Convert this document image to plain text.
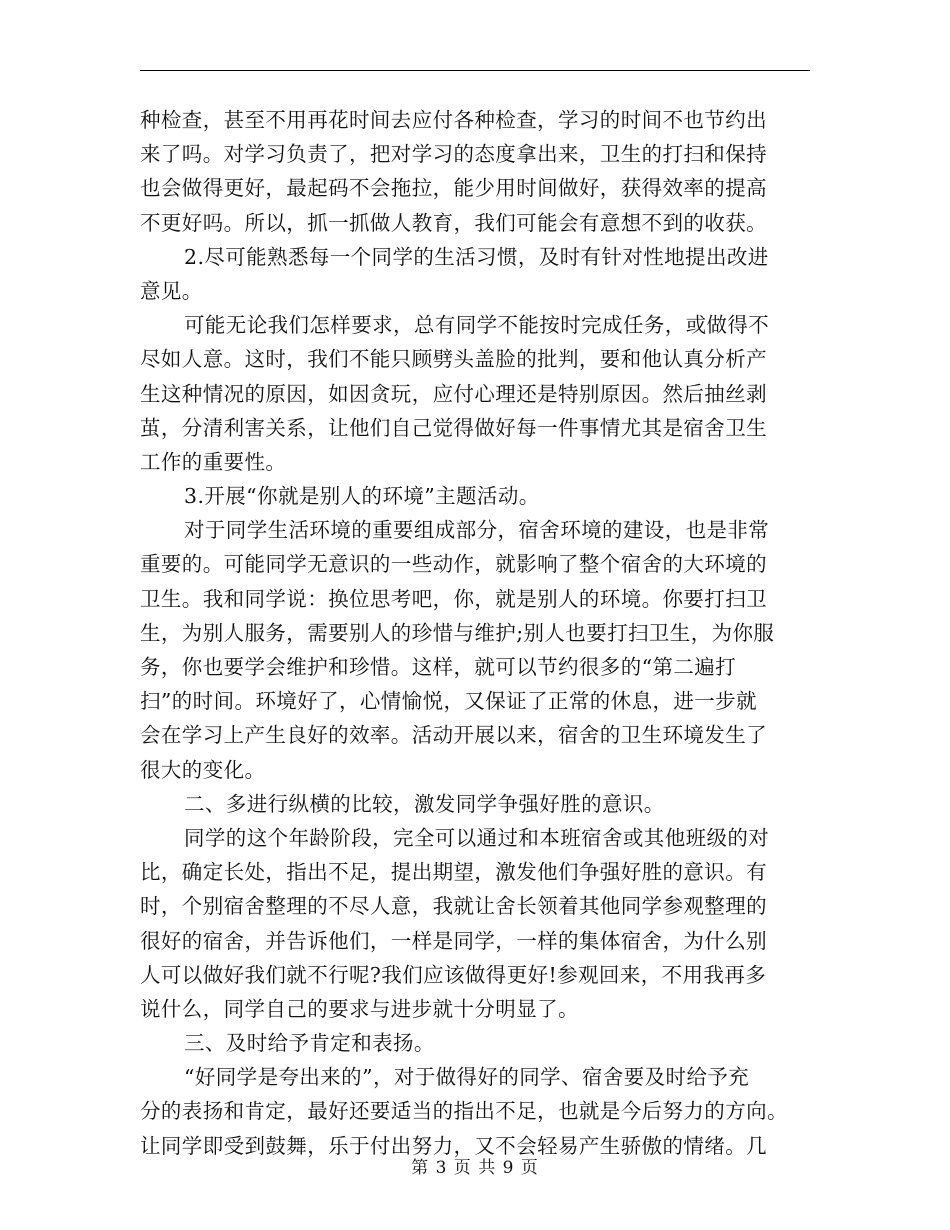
种检查，甚至不用再花时间去应付各种检查，学习的时间不也节约出
来了吗。对学习负责了，把对学习的态度拿出来，卫生的打扫和保持
也会做得更好，最起码不会拖拉，能少用时间做好，获得效率的提高
不更好吗。所以，抓一抓做人教育，我们可能会有意想不到的收获。
2.尽可能熟悉每一个同学的生活习惯，及时有针对性地提出改进
意见。
可能无论我们怎样要求，总有同学不能按时完成任务，或做得不
尽如人意。这时，我们不能只顾劈头盖脸的批判，要和他认真分析产
生这种情况的原因，如因贪玩，应付心理还是特别原因。然后抽丝剥
茧，分清利害关系，让他们自己觉得做好每一件事情尤其是宿舍卫生
工作的重要性。
3.开展“你就是别人的环境”主题活动。
对于同学生活环境的重要组成部分，宿舍环境的建设，也是非常
重要的。可能同学无意识的一些动作，就影响了整个宿舍的大环境的
卫生。我和同学说：换位思考吧，你，就是别人的环境。你要打扫卫
生，为别人服务，需要别人的珍惜与维护;别人也要打扫卫生，为你服
务，你也要学会维护和珍惜。这样，就可以节约很多的“第二遍打
扫”的时间。环境好了，心情愉悦，又保证了正常的休息，进一步就
会在学习上产生良好的效率。活动开展以来，宿舍的卫生环境发生了
很大的变化。
二、多进行纵横的比较，激发同学争强好胜的意识。
同学的这个年龄阶段，完全可以通过和本班宿舍或其他班级的对
比，确定长处，指出不足，提出期望，激发他们争强好胜的意识。有
时，个别宿舍整理的不尽人意，我就让舍长领着其他同学参观整理的
很好的宿舍，并告诉他们，一样是同学，一样的集体宿舍，为什么别
人可以做好我们就不行呢?我们应该做得更好!参观回来，不用我再多
说什么，同学自己的要求与进步就十分明显了。
三、及时给予肯定和表扬。
“好同学是夸出来的”，对于做得好的同学、宿舍要及时给予充
分的表扬和肯定，最好还要适当的指出不足，也就是今后努力的方向。
让同学即受到鼓舞，乐于付出努力，又不会轻易产生骄傲的情绪。几
第 3 页 共 9 页
